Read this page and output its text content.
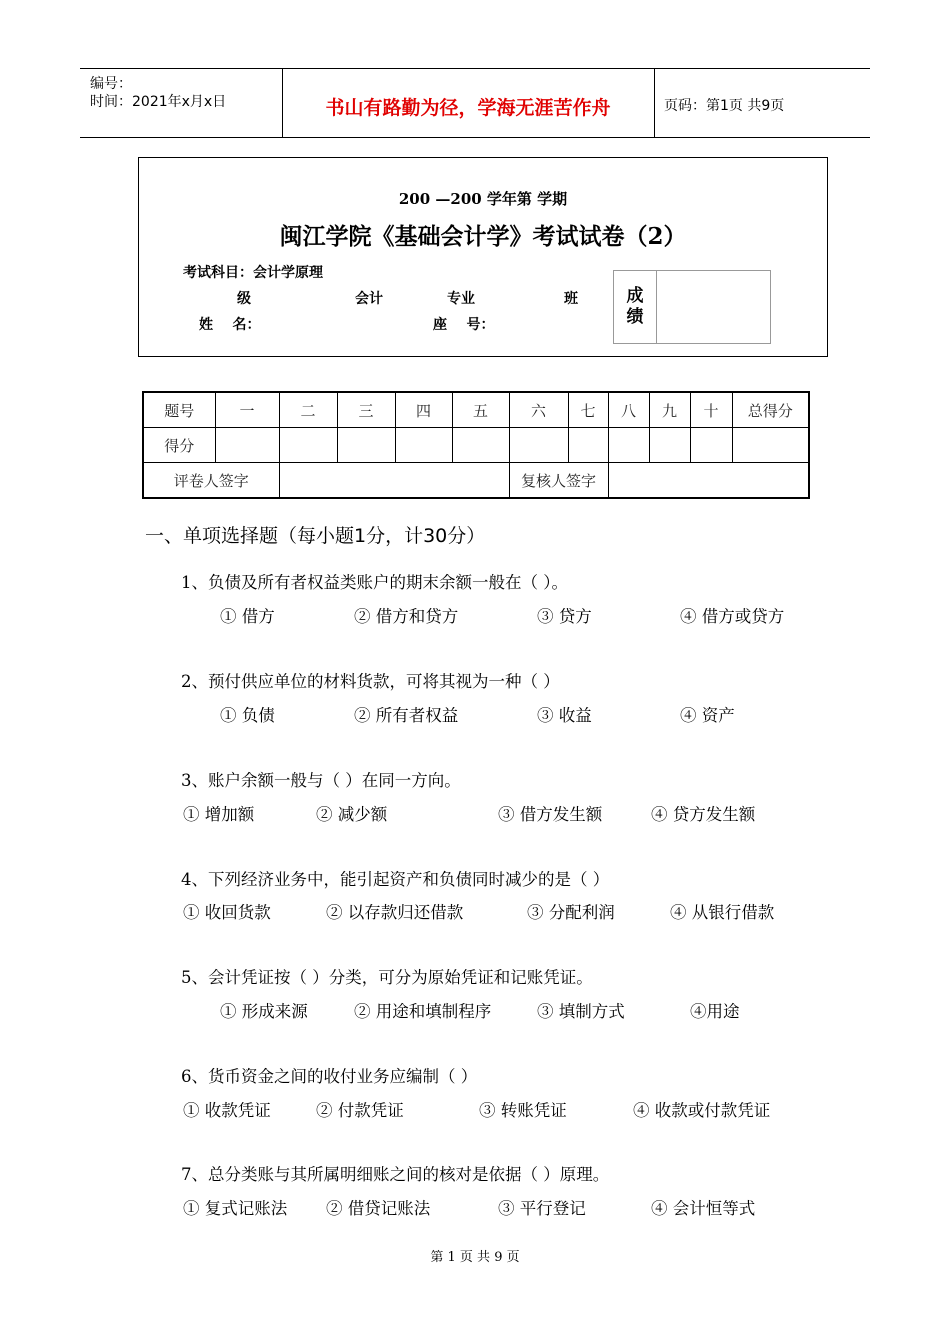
编号：
时间：2021年x月x日	书山有路勤为径，学海无涯苦作舟	页码：第1页 共9页
200 —200 学年第 学期
闽江学院《基础会计学》考试试卷（2）
考试科目：会计学原理
级	会计	专业	班
姓    名：	座    号：
成
绩
题号	一	二	三	四	五	六	七	八	九	十	总得分
得分											
评卷人签字						复核人签字					
一、单项选择题（每小题1分，计30分）
1、负债及所有者权益类账户的期末余额一般在（ ）。
① 借方	② 借方和贷方	③ 贷方	④ 借方或贷方
2、预付供应单位的材料货款，可将其视为一种（ ）
① 负债	② 所有者权益	③ 收益	④ 资产
3、账户余额一般与（ ）在同一方向。
① 增加额	② 减少额	③ 借方发生额	④ 贷方发生额
4、下列经济业务中，能引起资产和负债同时减少的是（ ）
① 收回货款	② 以存款归还借款	③ 分配利润	④ 从银行借款
5、会计凭证按（ ）分类，可分为原始凭证和记账凭证。
① 形成来源	② 用途和填制程序	③ 填制方式	④用途
6、货币资金之间的收付业务应编制（ ）
① 收款凭证	② 付款凭证	③ 转账凭证	④ 收款或付款凭证
7、总分类账与其所属明细账之间的核对是依据（ ）原理。
① 复式记账法 ② 借贷记账法	③ 平行登记	④ 会计恒等式
第 1 页 共 9 页
